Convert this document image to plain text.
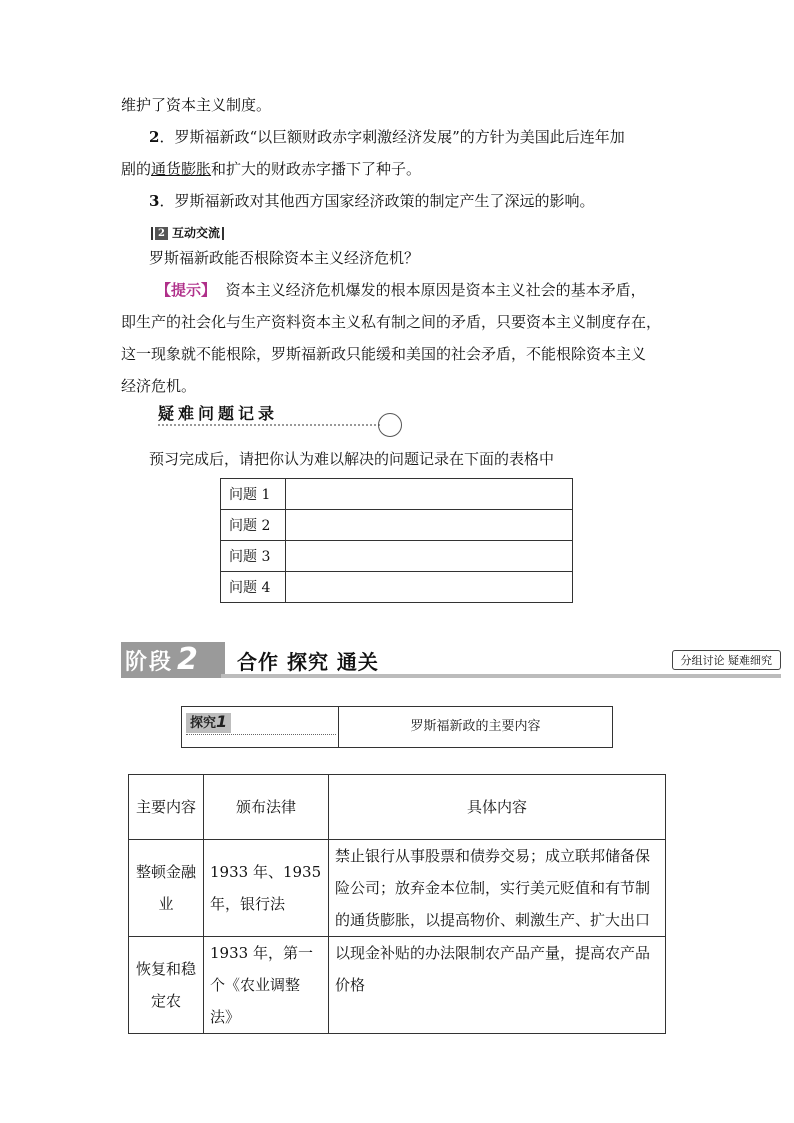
维护了资本主义制度。
2．罗斯福新政“以巨额财政赤字刺激经济发展”的方针为美国此后连年加
剧的通货膨胀和扩大的财政赤字播下了种子。
3．罗斯福新政对其他西方国家经济政策的制定产生了深远的影响。
2 互动交流
罗斯福新政能否根除资本主义经济危机？
【提示】 资本主义经济危机爆发的根本原因是资本主义社会的基本矛盾，
即生产的社会化与生产资料资本主义私有制之间的矛盾，只要资本主义制度存在，
这一现象就不能根除，罗斯福新政只能缓和美国的社会矛盾，不能根除资本主义
经济危机。
疑难问题记录
预习完成后，请把你认为难以解决的问题记录在下面的表格中
问题 1	
问题 2	
问题 3	
问题 4	
阶段 2	合作 探究 通关	分组讨论 疑难细究
探究1	罗斯福新政的主要内容
主要内容	颁布法律	具体内容
整顿金融业	1933 年、1935 年，银行法	禁止银行从事股票和债券交易；成立联邦储备保险公司；放弃金本位制，实行美元贬值和有节制的通货膨胀，以提高物价、刺激生产、扩大出口
恢复和稳定农	1933 年，第一个《农业调整法》	以现金补贴的办法限制农产品产量，提高农产品价格
